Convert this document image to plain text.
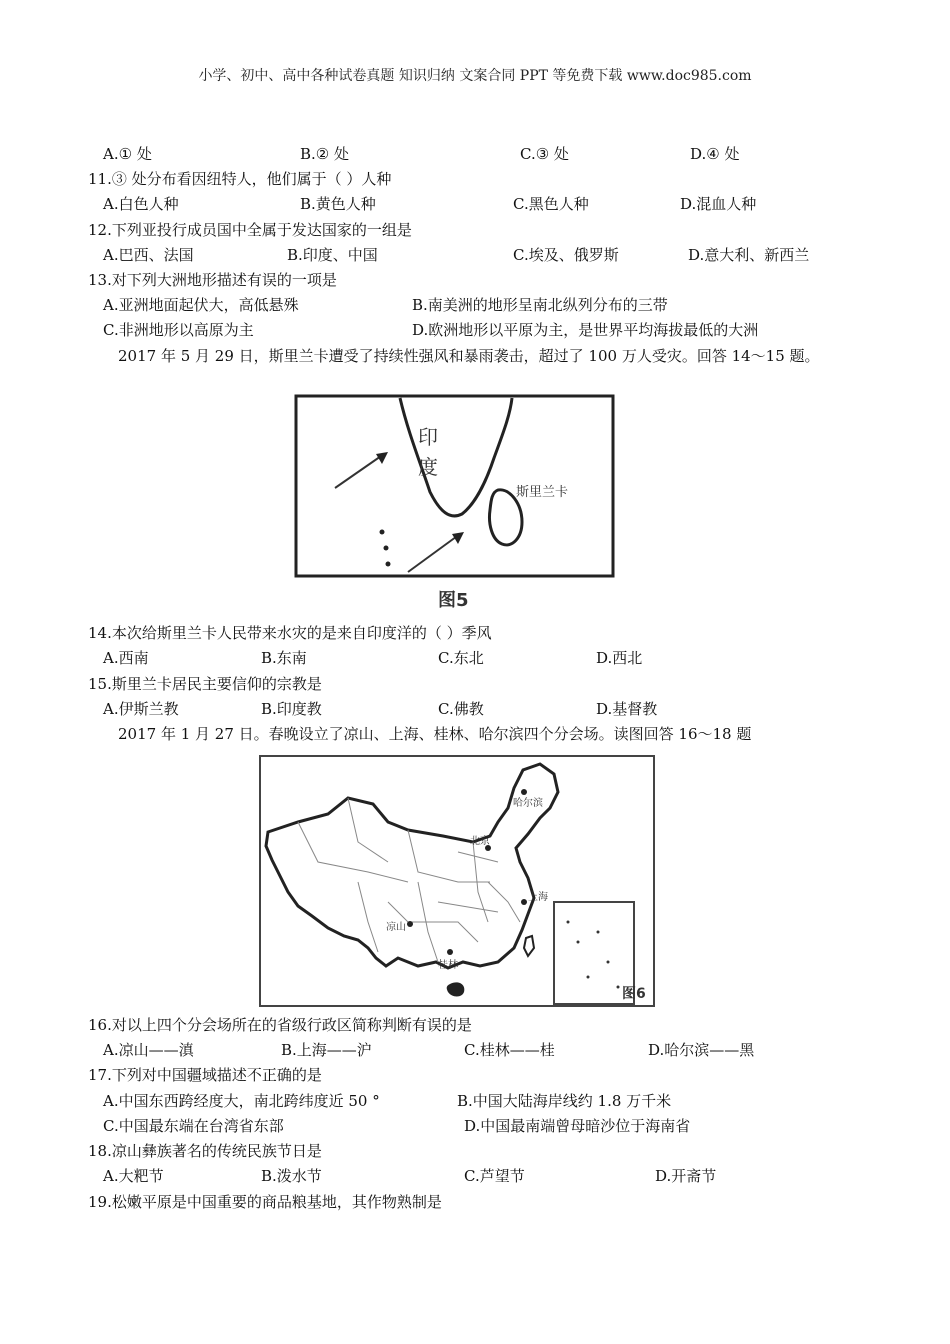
小学、初中、高中各种试卷真题 知识归纳 文案合同 PPT 等免费下载 www.doc985.com
A.① 处	B.② 处	C.③ 处	D.④ 处
11.③ 处分布看因纽特人，他们属于（ ）人种
A.白色人种	B.黄色人种	C.黑色人种	D.混血人种
12.下列亚投行成员国中全属于发达国家的一组是
A.巴西、法国	B.印度、中国	C.埃及、俄罗斯	D.意大利、新西兰
13.对下列大洲地形描述有误的一项是
A.亚洲地面起伏大，高低悬殊	B.南美洲的地形呈南北纵列分布的三带
C.非洲地形以高原为主	D.欧洲地形以平原为主，是世界平均海拔最低的大洲
2017 年 5 月 29 日，斯里兰卡遭受了持续性强风和暴雨袭击，超过了 100 万人受灾。回答 14～15 题。
印
度
斯里兰卡
图5
14.本次给斯里兰卡人民带来水灾的是来自印度洋的（ ）季风
A.西南	B.东南	C.东北	D.西北
15.斯里兰卡居民主要信仰的宗教是
A.伊斯兰教	B.印度教	C.佛教	D.基督教
2017 年 1 月 27 日。春晚设立了凉山、上海、桂林、哈尔滨四个分会场。读图回答 16～18 题
哈尔滨
北京
上海
凉山
桂林
图6
16.对以上四个分会场所在的省级行政区简称判断有误的是
A.凉山——滇	B.上海——沪	C.桂林——桂	D.哈尔滨——黑
17.下列对中国疆域描述不正确的是
A.中国东西跨经度大，南北跨纬度近 50 °	B.中国大陆海岸线约 1.8 万千米
C.中国最东端在台湾省东部	D.中国最南端曾母暗沙位于海南省
18.凉山彝族著名的传统民族节日是
A.大粑节	B.泼水节	C.芦望节	D.开斋节
19.松嫩平原是中国重要的商品粮基地，其作物熟制是
